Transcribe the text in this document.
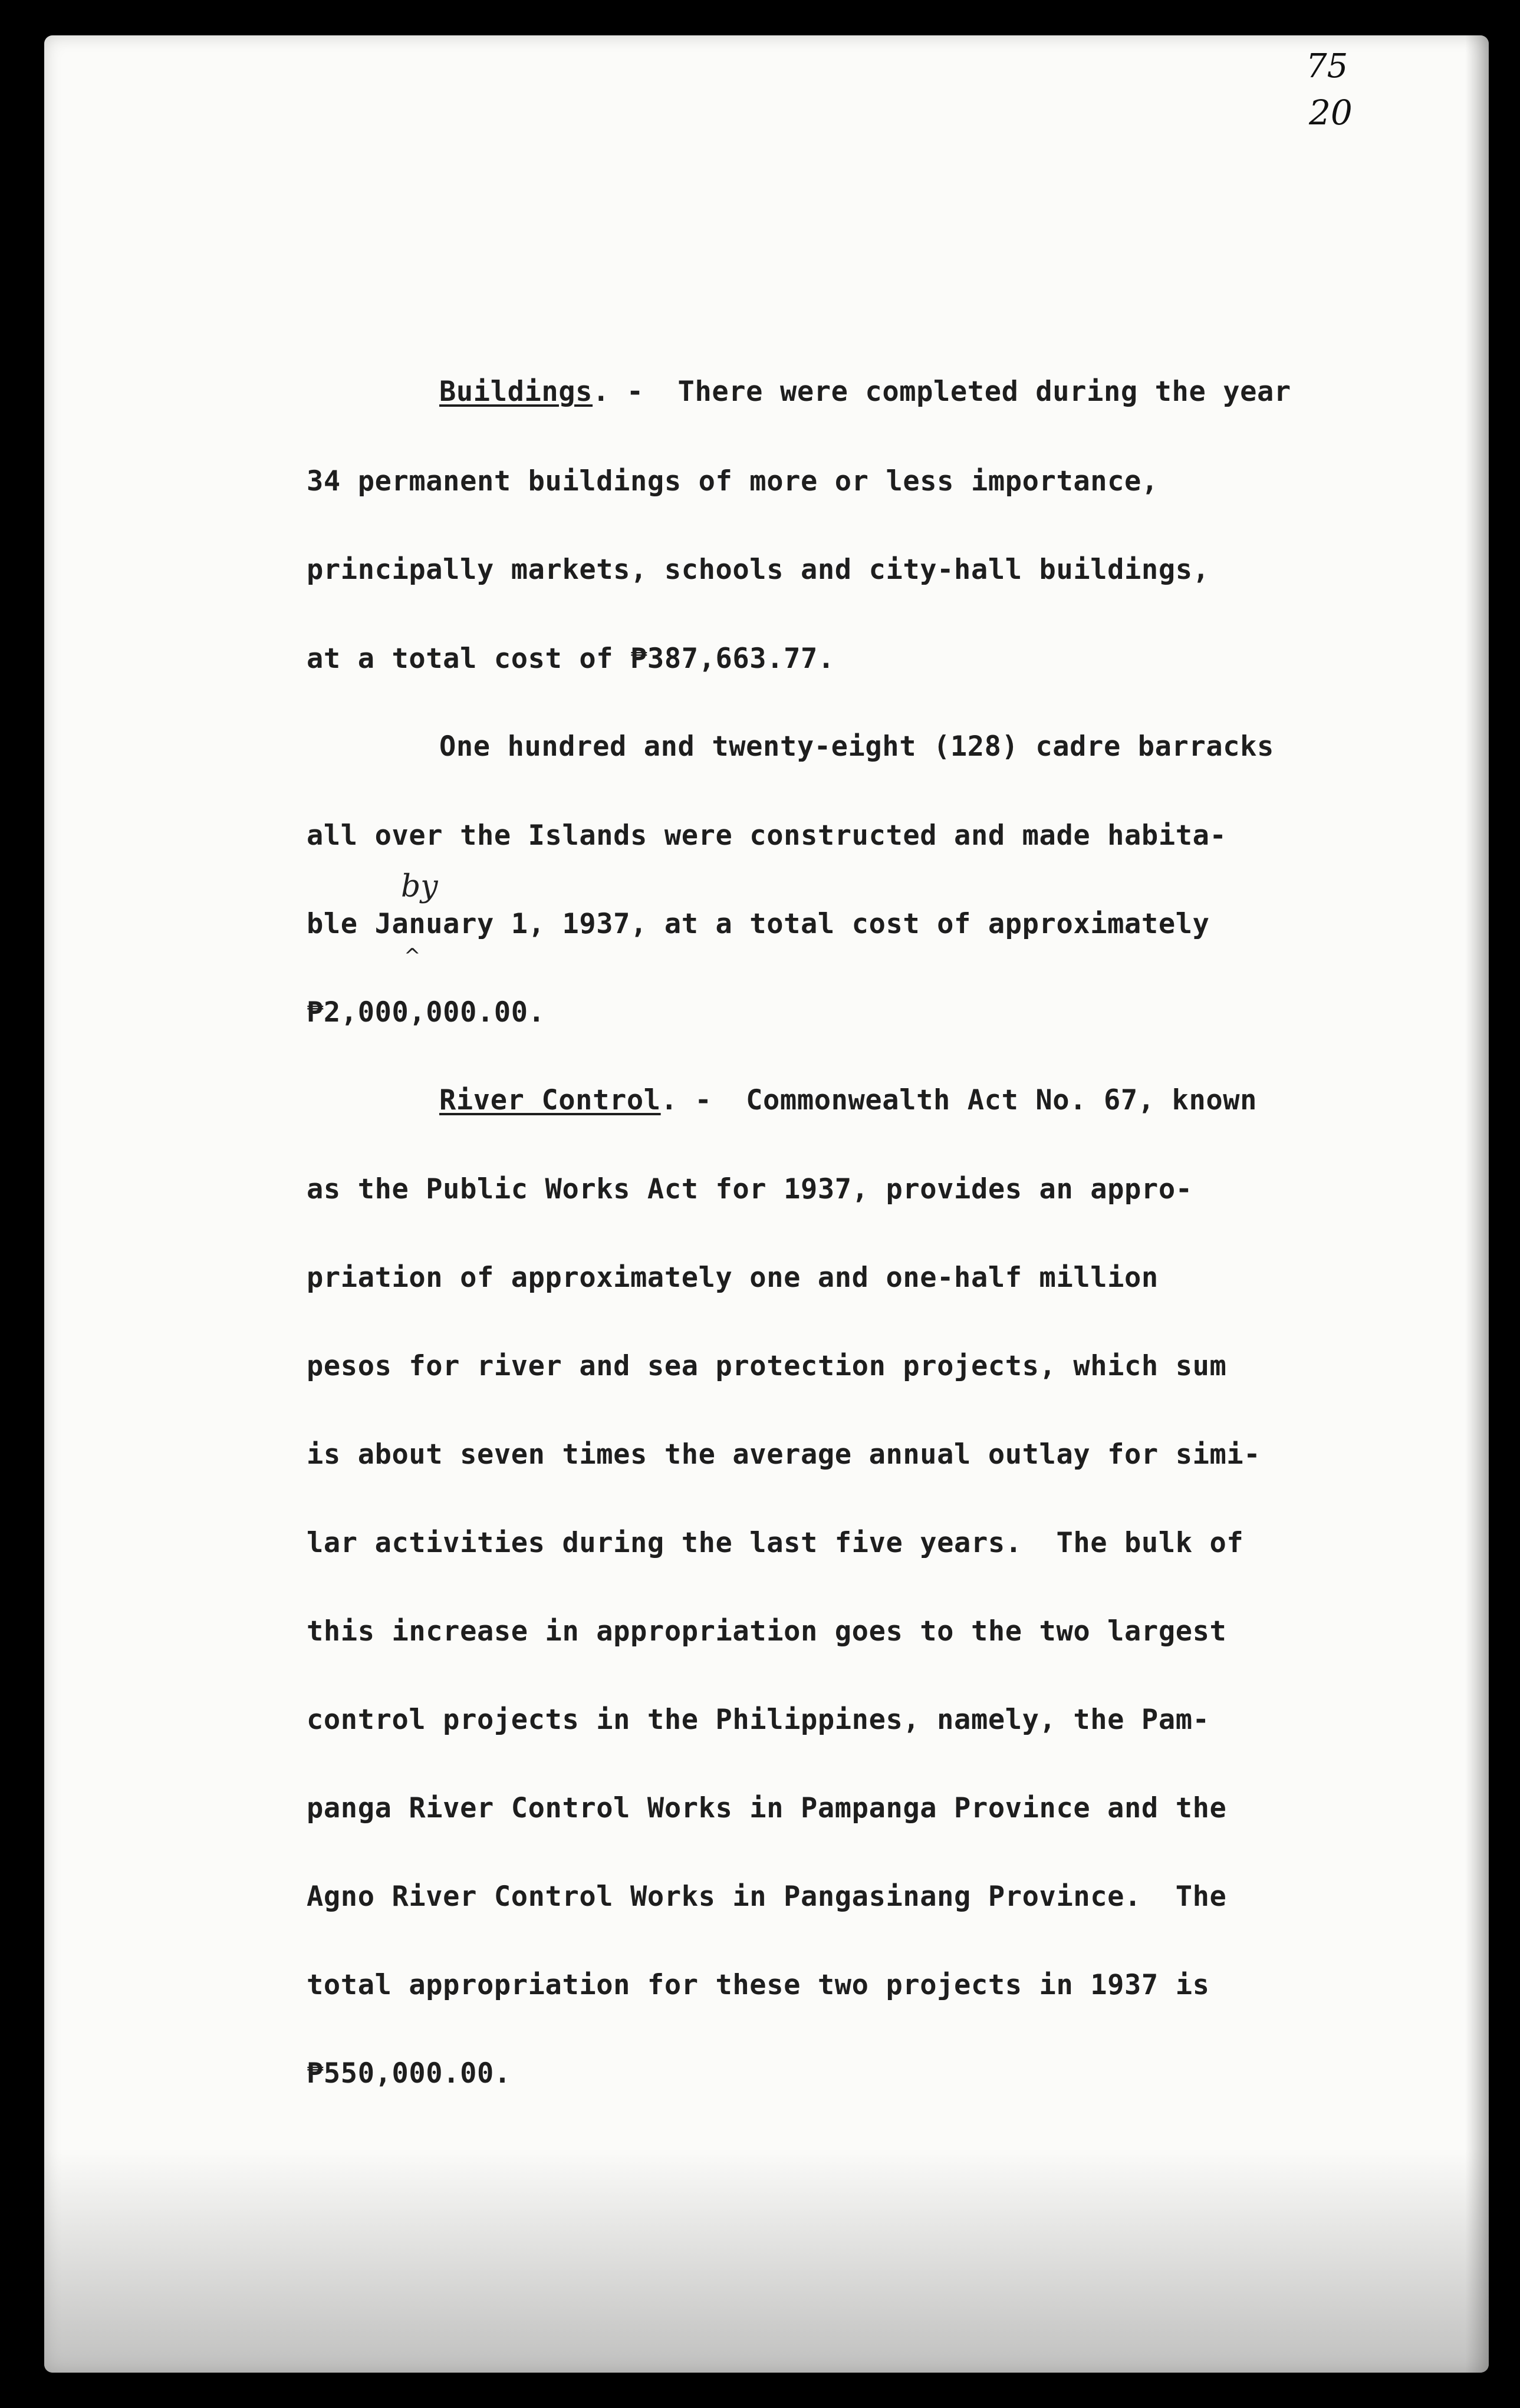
75
20

Buildings. -  There were completed during the year

34 permanent buildings of more or less importance,

principally markets, schools and city-hall buildings,

at a total cost of ₱387,663.77.

One hundred and twenty-eight (128) cadre barracks

all over the Islands were constructed and made habita-

by
^

ble January 1, 1937, at a total cost of approximately

₱2,000,000.00.

River Control. -  Commonwealth Act No. 67, known

as the Public Works Act for 1937, provides an appro-

priation of approximately one and one-half million

pesos for river and sea protection projects, which sum

is about seven times the average annual outlay for simi-

lar activities during the last five years.  The bulk of

this increase in appropriation goes to the two largest

control projects in the Philippines, namely, the Pam-

panga River Control Works in Pampanga Province and the

Agno River Control Works in Pangasinang Province.  The

total appropriation for these two projects in 1937 is

₱550,000.00.
